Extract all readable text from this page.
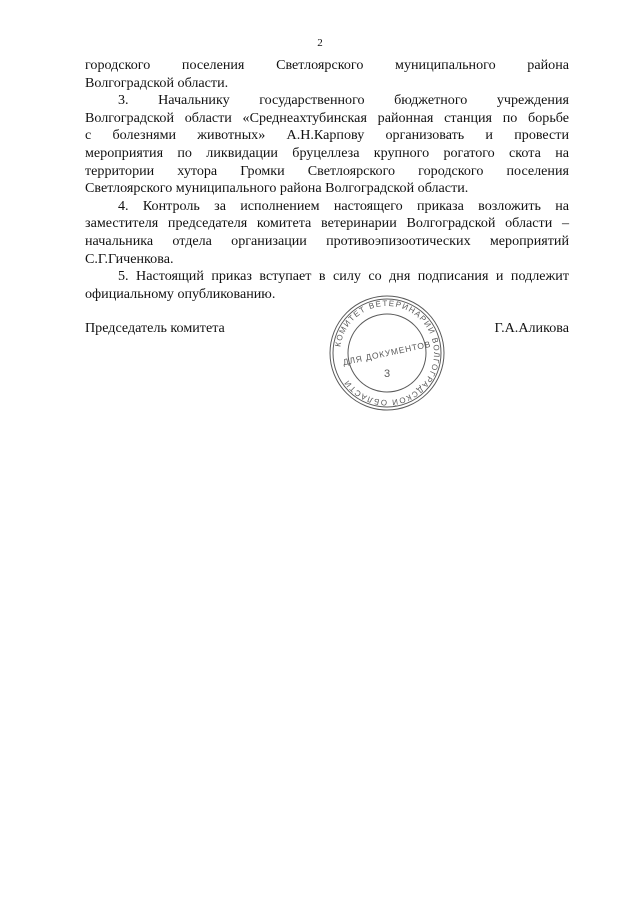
2

городского поселения Светлоярского муниципального района
Волгоградской области.

3. Начальнику государственного бюджетного учреждения
Волгоградской области «Среднеахтубинская районная станция по борьбе
с болезнями животных» А.Н.Карпову организовать и провести
мероприятия по ликвидации бруцеллеза крупного рогатого скота на
территории хутора Громки Светлоярского городского поселения
Светлоярского муниципального района Волгоградской области.

4. Контроль за исполнением настоящего приказа возложить на
заместителя председателя комитета ветеринарии Волгоградской области –
начальника отдела организации противоэпизоотических мероприятий
С.Г.Гиченкова.

5. Настоящий приказ вступает в силу со дня подписания и подлежит
официальному опубликованию.

Председатель комитета	Г.А.Аликова
КОМИТЕТ ВЕТЕРИНАРИИ ВОЛГОГРАДСКОЙ ОБЛАСТИ
ДЛЯ ДОКУМЕНТОВ
3
